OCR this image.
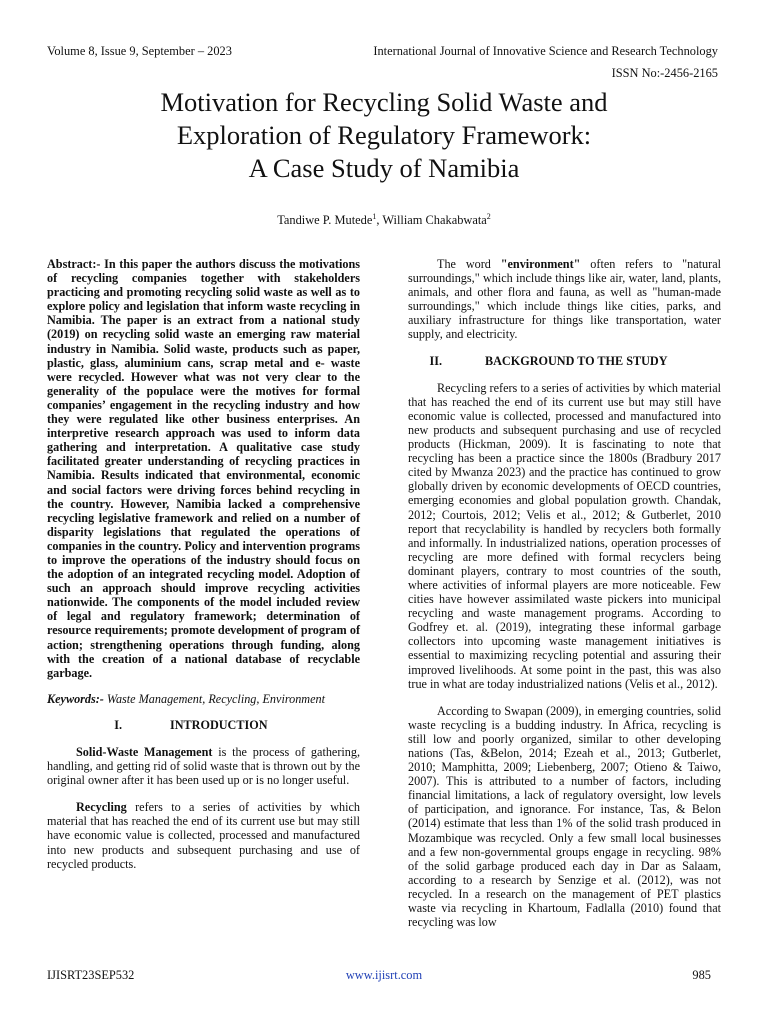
Volume 8, Issue 9, September – 2023	International Journal of Innovative Science and Research Technology
ISSN No:-2456-2165
Motivation for Recycling Solid Waste and
Exploration of Regulatory Framework:
A Case Study of Namibia
Tandiwe P. Mutede$^1$, William Chakabwata$^2$

Abstract:- In this paper the authors discuss the motivations of recycling companies together with stakeholders practicing and promoting recycling solid waste as well as to explore policy and legislation that inform waste recycling in Namibia. The paper is an extract from a national study (2019) on recycling solid waste an emerging raw material industry in Namibia. Solid waste, products such as paper, plastic, glass, aluminium cans, scrap metal and e- waste were recycled. However what was not very clear to the generality of the populace were the motives for formal companies’ engagement in the recycling industry and how they were regulated like other business enterprises. An interpretive research approach was used to inform data gathering and interpretation. A qualitative case study facilitated greater understanding of recycling practices in Namibia. Results indicated that environmental, economic and social factors were driving forces behind recycling in the country. However, Namibia lacked a comprehensive recycling legislative framework and relied on a number of disparity legislations that regulated the operations of companies in the country. Policy and intervention programs to improve the operations of the industry should focus on the adoption of an integrated recycling model. Adoption of such an approach should improve recycling activities nationwide. The components of the model included review of legal and regulatory framework; determination of resource requirements; promote development of program of action; strengthening operations through funding, along with the creation of a national database of recyclable garbage.

Keywords:- Waste Management, Recycling, Environment

I.	INTRODUCTION

Solid-Waste Management is the process of gathering, handling, and getting rid of solid waste that is thrown out by the original owner after it has been used up or is no longer useful.

Recycling refers to a series of activities by which material that has reached the end of its current use but may still have economic value is collected, processed and manufactured into new products and subsequent purchasing and use of recycled products.

The word "environment" often refers to "natural surroundings," which include things like air, water, land, plants, animals, and other flora and fauna, as well as "human-made surroundings," which include things like cities, parks, and auxiliary infrastructure for things like transportation, water supply, and electricity.

II.	BACKGROUND TO THE STUDY

Recycling refers to a series of activities by which material that has reached the end of its current use but may still have economic value is collected, processed and manufactured into new products and subsequent purchasing and use of recycled products (Hickman, 2009). It is fascinating to note that recycling has been a practice since the 1800s (Bradbury 2017 cited by Mwanza 2023) and the practice has continued to grow globally driven by economic developments of OECD countries, emerging economies and global population growth. Chandak, 2012; Courtois, 2012; Velis et al., 2012; & Gutberlet, 2010 report that recyclability is handled by recyclers both formally and informally. In industrialized nations, operation processes of recycling are more defined with formal recyclers being dominant players, contrary to most countries of the south, where activities of informal players are more noticeable. Few cities have however assimilated waste pickers into municipal recycling and waste management programs. According to Godfrey et. al. (2019), integrating these informal garbage collectors into upcoming waste management initiatives is essential to maximizing recycling potential and assuring their improved livelihoods. At some point in the past, this was also true in what are today industrialized nations (Velis et al., 2012).

According to Swapan (2009), in emerging countries, solid waste recycling is a budding industry. In Africa, recycling is still low and poorly organized, similar to other developing nations (Tas, &Belon, 2014; Ezeah et al., 2013; Gutberlet, 2010; Mamphitta, 2009; Liebenberg, 2007; Otieno & Taiwo, 2007). This is attributed to a number of factors, including financial limitations, a lack of regulatory oversight, low levels of participation, and ignorance. For instance, Tas, & Belon (2014) estimate that less than 1% of the solid trash produced in Mozambique was recycled. Only a few small local businesses and a few non-governmental groups engage in recycling. 98% of the solid garbage produced each day in Dar as Salaam, according to a research by Senzige et al. (2012), was not recycled. In a research on the management of PET plastics waste via recycling in Khartoum, Fadlalla (2010) found that recycling was low

IJISRT23SEP532	www.ijisrt.com	985
